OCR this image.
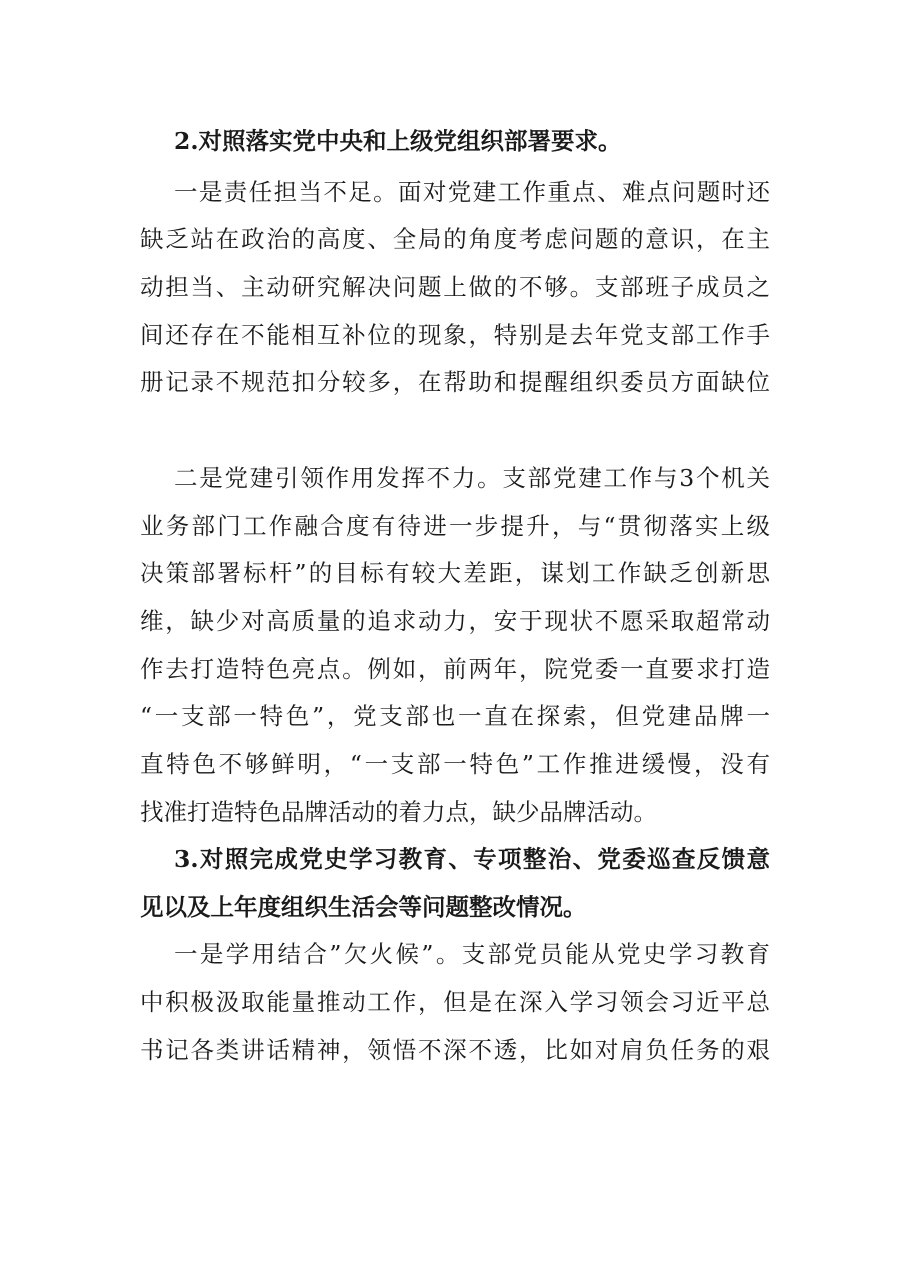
2.对照落实党中央和上级党组织部署要求。
一是责任担当不足。面对党建工作重点、难点问题时还
缺乏站在政治的高度、全局的角度考虑问题的意识，在主
动担当、主动研究解决问题上做的不够。支部班子成员之
间还存在不能相互补位的现象，特别是去年党支部工作手
册记录不规范扣分较多，在帮助和提醒组织委员方面缺位
二是党建引领作用发挥不力。支部党建工作与3个机关
业务部门工作融合度有待进一步提升，与“贯彻落实上级
决策部署标杆”的目标有较大差距，谋划工作缺乏创新思
维，缺少对高质量的追求动力，安于现状不愿采取超常动
作去打造特色亮点。例如，前两年，院党委一直要求打造
“一支部一特色”，党支部也一直在探索，但党建品牌一
直特色不够鲜明，“一支部一特色”工作推进缓慢，没有
找准打造特色品牌活动的着力点，缺少品牌活动。
3.对照完成党史学习教育、专项整治、党委巡查反馈意
见以及上年度组织生活会等问题整改情况。
一是学用结合”欠火候”。支部党员能从党史学习教育
中积极汲取能量推动工作，但是在深入学习领会习近平总
书记各类讲话精神，领悟不深不透，比如对肩负任务的艰
